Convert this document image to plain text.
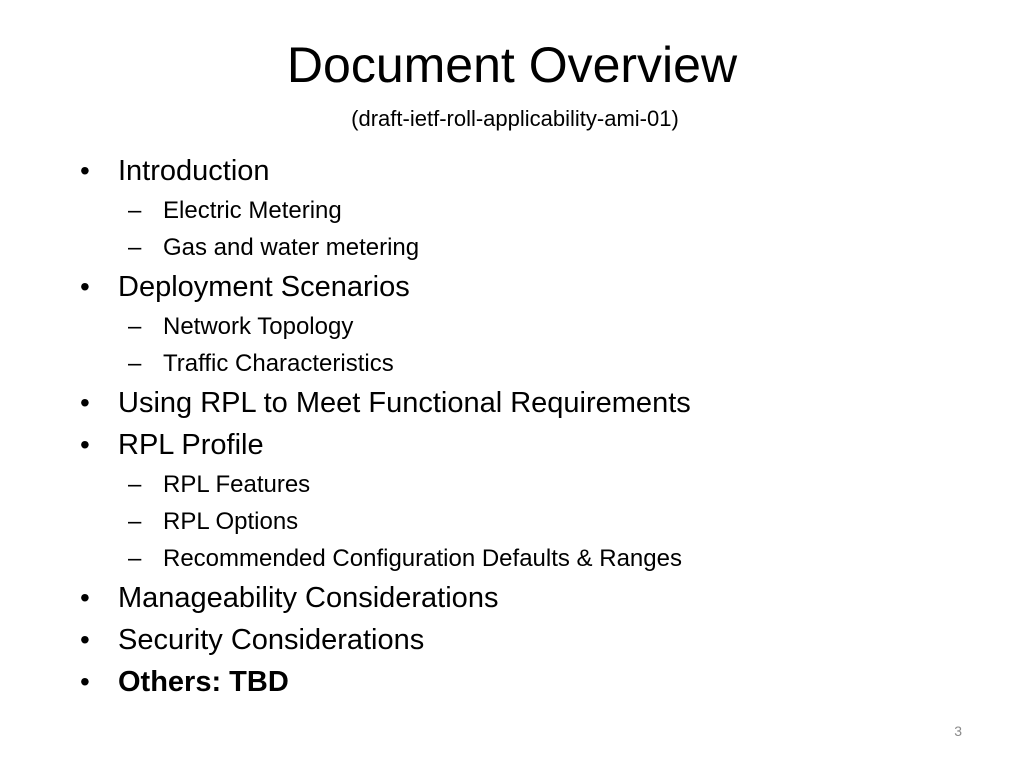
Document Overview
(draft-ietf-roll-applicability-ami-01)
• Introduction
– Electric Metering
– Gas and water metering
• Deployment Scenarios
– Network Topology
– Traffic Characteristics
• Using RPL to Meet Functional Requirements
• RPL Profile
– RPL Features
– RPL Options
– Recommended Configuration Defaults & Ranges
• Manageability Considerations
• Security Considerations
• Others: TBD
3
